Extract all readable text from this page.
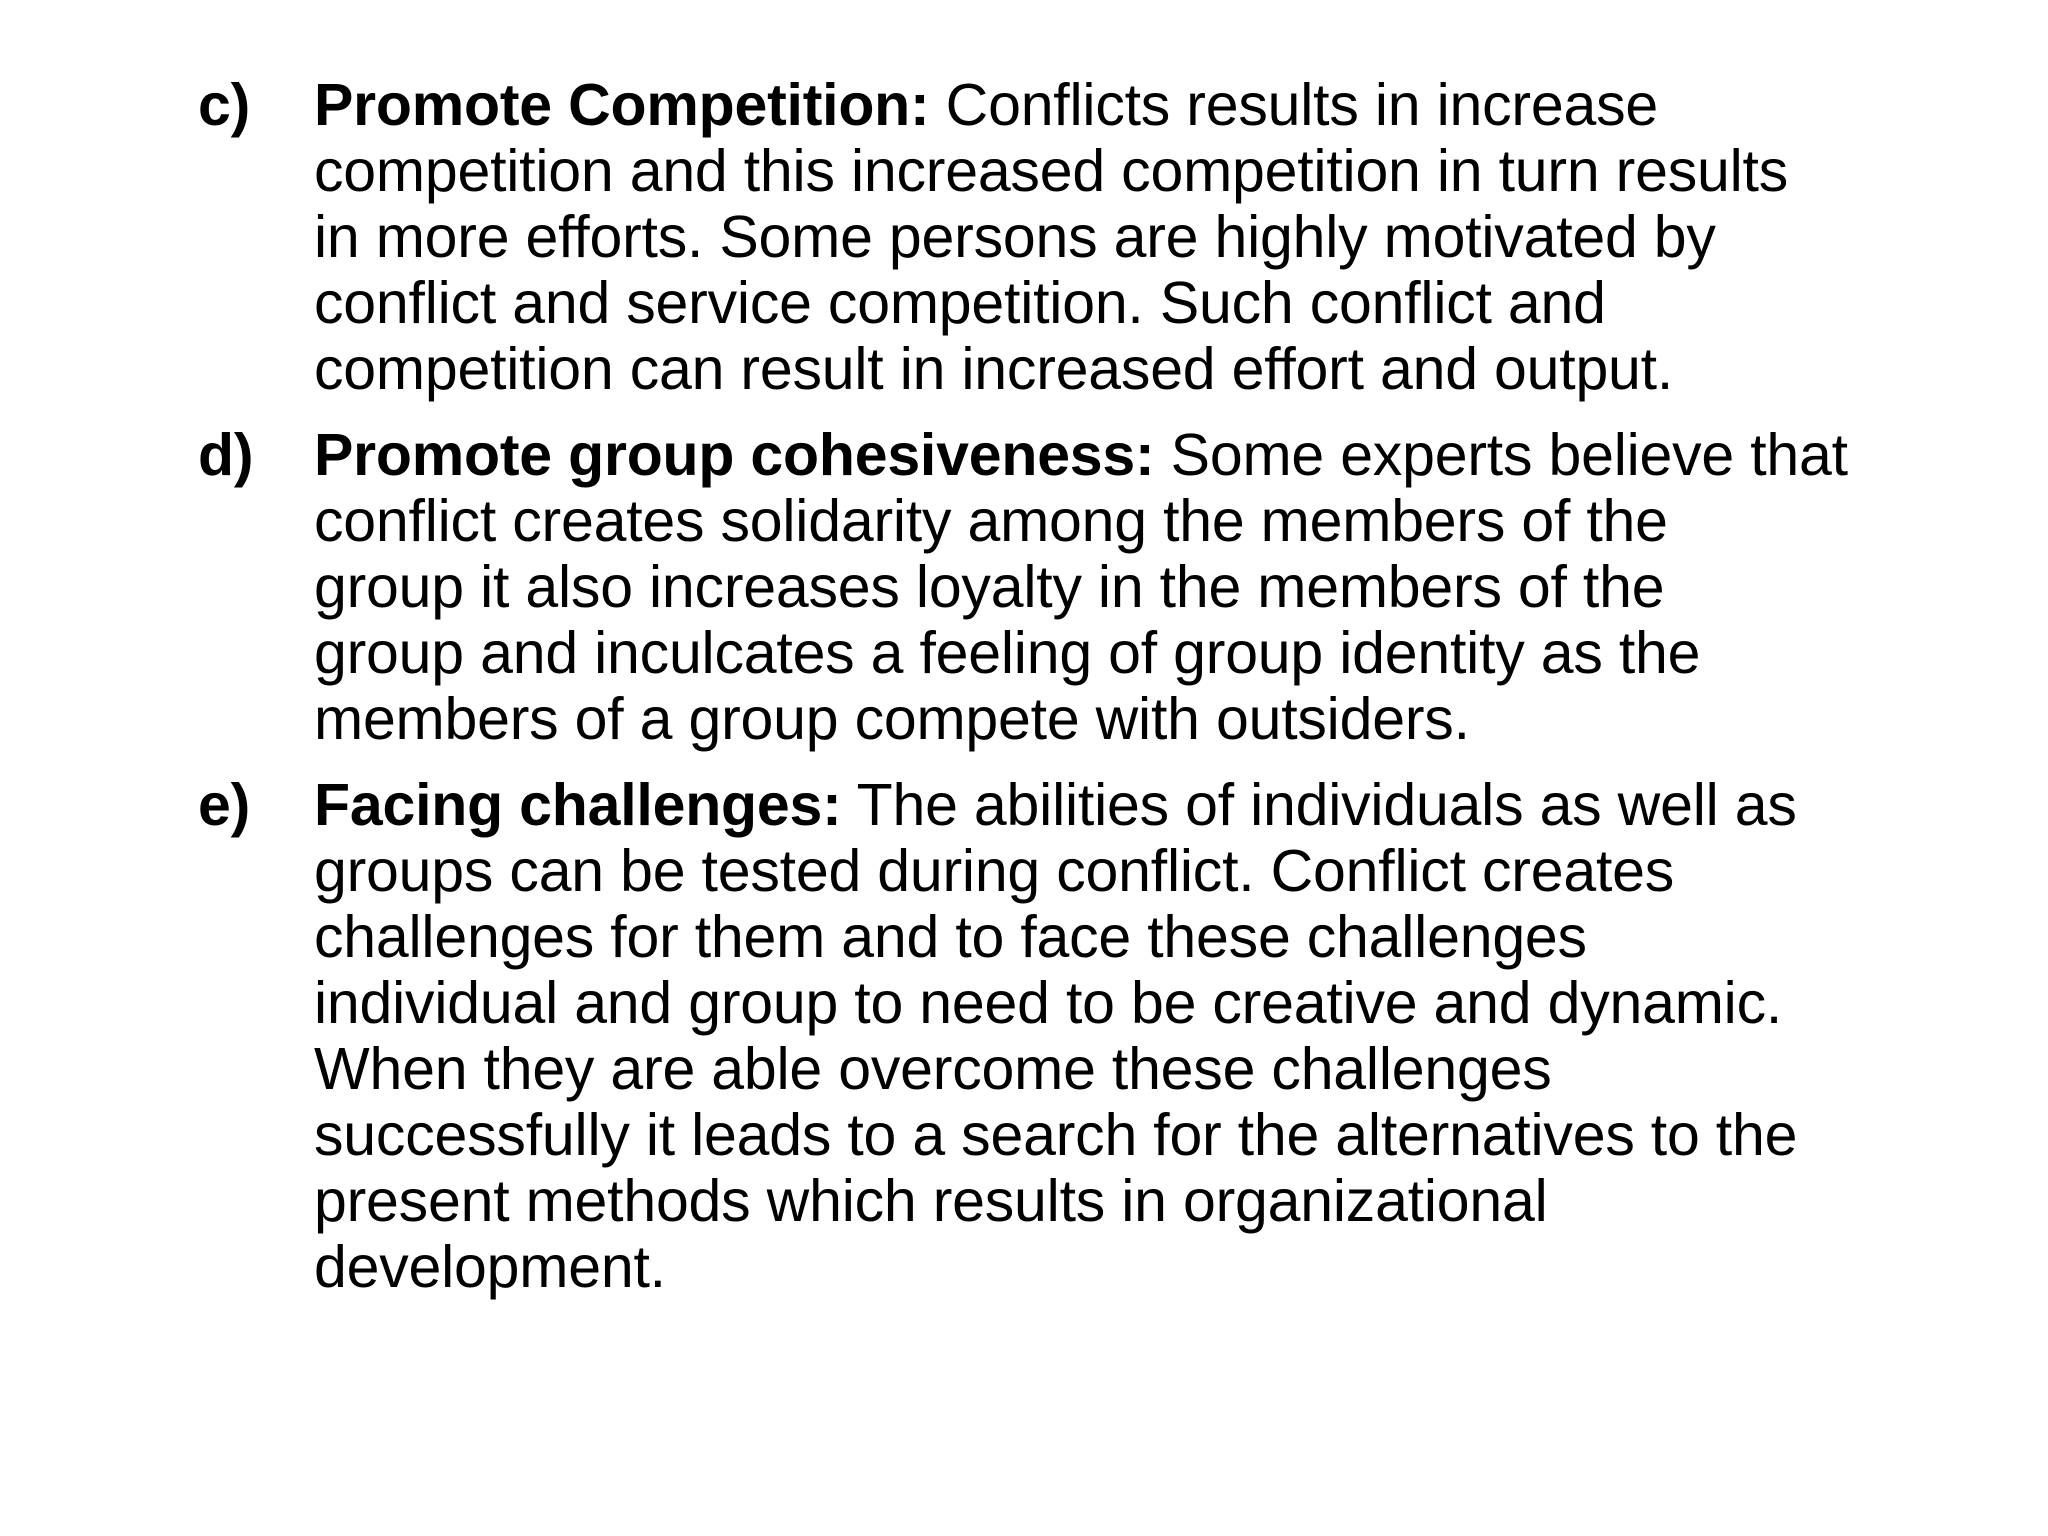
c) Promote Competition: Conflicts results in increase
competition and this increased competition in turn results
in more efforts. Some persons are highly motivated by
conflict and service competition. Such conflict and
competition can result in increased effort and output.
d) Promote group cohesiveness: Some experts believe that
conflict creates solidarity among the members of the
group it also increases loyalty in the members of the
group and inculcates a feeling of group identity as the
members of a group compete with outsiders.
e) Facing challenges: The abilities of individuals as well as
groups can be tested during conflict. Conflict creates
challenges for them and to face these challenges
individual and group to need to be creative and dynamic.
When they are able overcome these challenges
successfully it leads to a search for the alternatives to the
present methods which results in organizational
development.
